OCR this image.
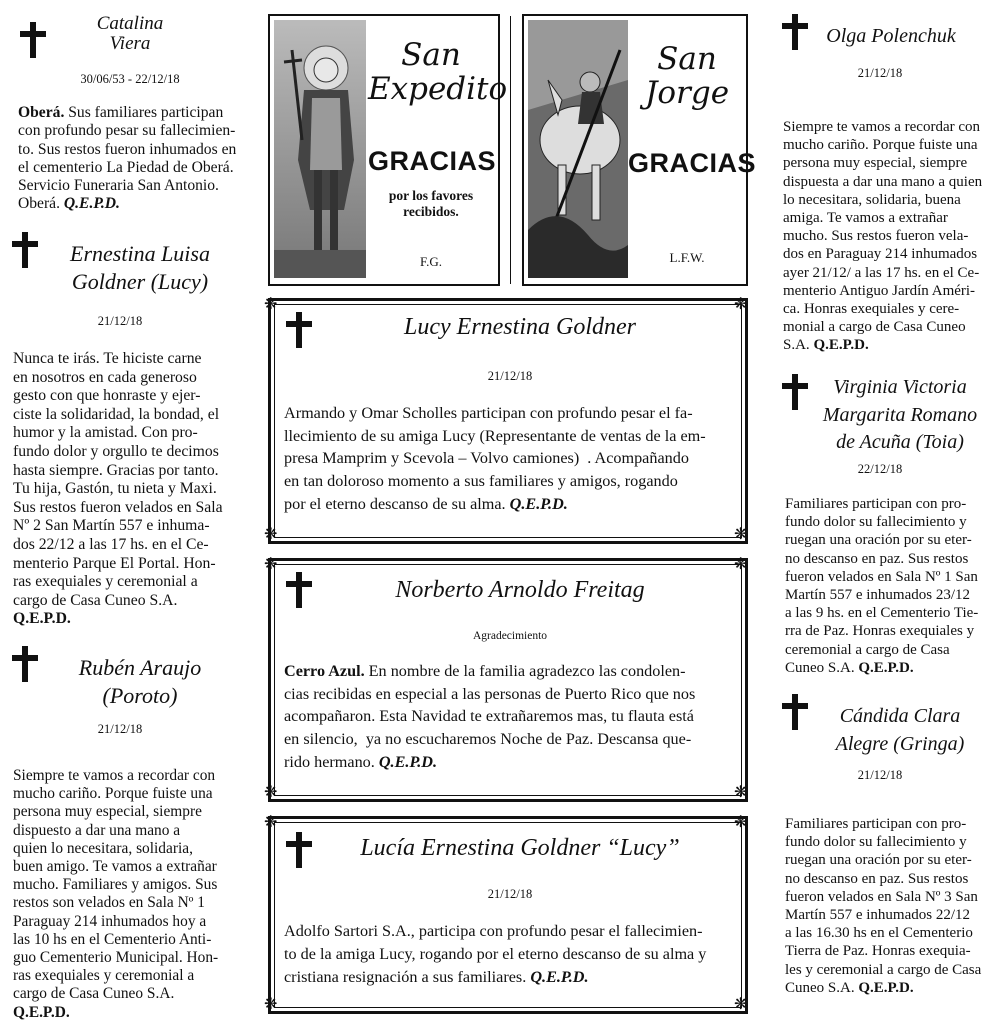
Catalina
Viera
30/06/53 - 22/12/18
Oberá. Sus familiares participan
con profundo pesar su fallecimien-
to. Sus restos fueron inhumados en
el cementerio La Piedad de Oberá.
Servicio Funeraria San Antonio.
Oberá. Q.E.P.D.
Ernestina Luisa
Goldner (Lucy)
21/12/18
Nunca te irás. Te hiciste carne
en nosotros en cada generoso
gesto con que honraste y ejer-
ciste la solidaridad, la bondad, el
humor y la amistad. Con pro-
fundo dolor y orgullo te decimos
hasta siempre. Gracias por tanto.
Tu hija, Gastón, tu nieta y Maxi.
Sus restos fueron velados en Sala
Nº 2 San Martín 557 e inhuma-
dos 22/12 a las 17 hs. en el Ce-
menterio Parque El Portal. Hon-
ras exequiales y ceremonial a
cargo de Casa Cuneo S.A.
Q.E.P.D.
Rubén Araujo
(Poroto)
21/12/18
Siempre te vamos a recordar con
mucho cariño. Porque fuiste una
persona muy especial, siempre
dispuesto a dar una mano a
quien lo necesitara, solidaria,
buen amigo. Te vamos a extrañar
mucho. Familiares y amigos. Sus
restos son velados en Sala Nº 1
Paraguay 214 inhumados hoy a
las 10 hs en el Cementerio Anti-
guo Cementerio Municipal. Hon-
ras exequiales y ceremonial a
cargo de Casa Cuneo S.A.
Q.E.P.D.
San
Expedito
GRACIAS
por los favores
recibidos.
F.G.
San
Jorge
GRACIAS
L.F.W.
❋	❋
❋	❋
Lucy Ernestina Goldner
21/12/18
Armando y Omar Scholles participan con profundo pesar el fa-
llecimiento de su amiga Lucy (Representante de ventas de la em-
presa Mamprim y Scevola – Volvo camiones)  . Acompañando
en tan doloroso momento a sus familiares y amigos, rogando
por el eterno descanso de su alma. Q.E.P.D.
❋	❋
❋	❋
Norberto Arnoldo Freitag
Agradecimiento
Cerro Azul. En nombre de la familia agradezco las condolen-
cias recibidas en especial a las personas de Puerto Rico que nos
acompañaron. Esta Navidad te extrañaremos mas, tu flauta está
en silencio,  ya no escucharemos Noche de Paz. Descansa que-
rido hermano. Q.E.P.D.
❋	❋
❋	❋
Lucía Ernestina Goldner “Lucy”
21/12/18
Adolfo Sartori S.A., participa con profundo pesar el fallecimien-
to de la amiga Lucy, rogando por el eterno descanso de su alma y
cristiana resignación a sus familiares. Q.E.P.D.
Olga Polenchuk
21/12/18
Siempre te vamos a recordar con
mucho cariño. Porque fuiste una
persona muy especial, siempre
dispuesta a dar una mano a quien
lo necesitara, solidaria, buena
amiga. Te vamos a extrañar
mucho. Sus restos fueron vela-
dos en Paraguay 214 inhumados
ayer 21/12/ a las 17 hs. en el Ce-
menterio Antiguo Jardín Améri-
ca. Honras exequiales y cere-
monial a cargo de Casa Cuneo
S.A. Q.E.P.D.
Virginia Victoria
Margarita Romano
de Acuña (Toia)
22/12/18
Familiares participan con pro-
fundo dolor su fallecimiento y
ruegan una oración por su eter-
no descanso en paz. Sus restos
fueron velados en Sala Nº 1 San
Martín 557 e inhumados 23/12
a las 9 hs. en el Cementerio Tie-
rra de Paz. Honras exequiales y
ceremonial a cargo de Casa
Cuneo S.A. Q.E.P.D.
Cándida Clara
Alegre (Gringa)
21/12/18
Familiares participan con pro-
fundo dolor su fallecimiento y
ruegan una oración por su eter-
no descanso en paz. Sus restos
fueron velados en Sala Nº 3 San
Martín 557 e inhumados 22/12
a las 16.30 hs en el Cementerio
Tierra de Paz. Honras exequia-
les y ceremonial a cargo de Casa
Cuneo S.A. Q.E.P.D.
